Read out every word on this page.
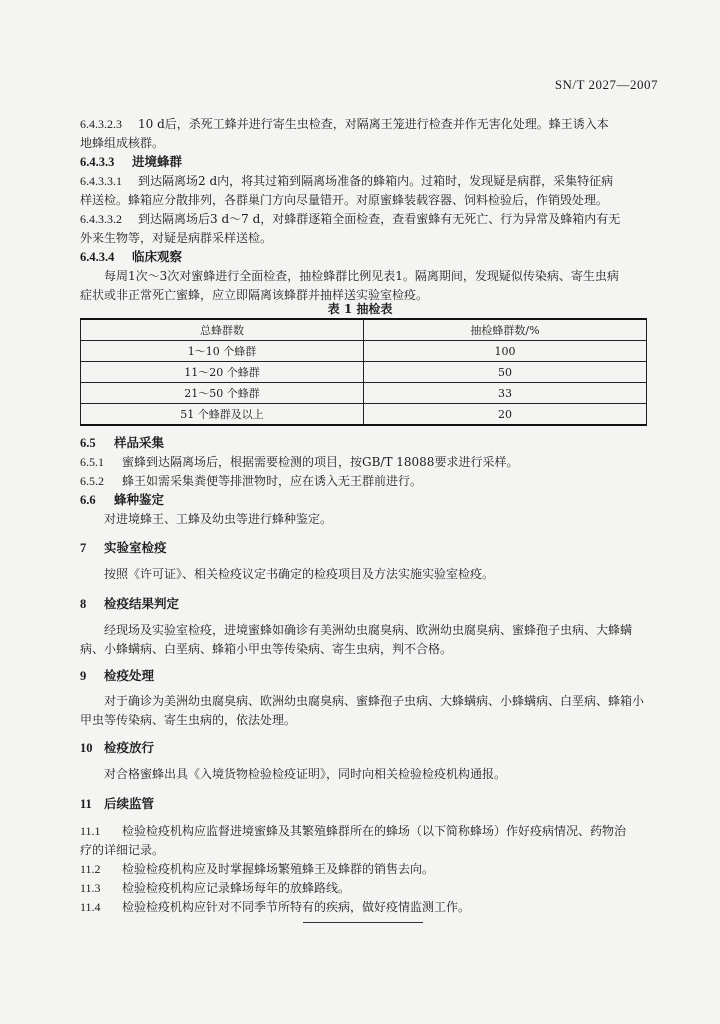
SN/T 2027—2007
6.4.3.2.3 10 d后，杀死工蜂并进行寄生虫检查，对隔离王笼进行检查并作无害化处理。蜂王诱入本
地蜂组成核群。
6.4.3.3 进境蜂群
6.4.3.3.1 到达隔离场2 d内，将其过箱到隔离场准备的蜂箱内。过箱时，发现疑是病群，采集特征病
样送检。蜂箱应分散排列，各群巢门方向尽量错开。对原蜜蜂装载容器、饲料检验后，作销毁处理。
6.4.3.3.2 到达隔离场后3 d～7 d，对蜂群逐箱全面检查，查看蜜蜂有无死亡、行为异常及蜂箱内有无
外来生物等，对疑是病群采样送检。
6.4.3.4 临床观察
每周1次～3次对蜜蜂进行全面检查，抽检蜂群比例见表1。隔离期间，发现疑似传染病、寄生虫病
症状或非正常死亡蜜蜂，应立即隔离该蜂群并抽样送实验室检疫。
表 1 抽检表
总蜂群数	抽检蜂群数/%
1～10 个蜂群	100
11～20 个蜂群	50
21～50 个蜂群	33
51 个蜂群及以上	20
6.5 样品采集
6.5.1 蜜蜂到达隔离场后，根据需要检测的项目，按GB/T 18088要求进行采样。
6.5.2 蜂王如需采集粪便等排泄物时，应在诱入无王群前进行。
6.6 蜂种鉴定
对进境蜂王、工蜂及幼虫等进行蜂种鉴定。
7 实验室检疫
按照《许可证》、相关检疫议定书确定的检疫项目及方法实施实验室检疫。
8 检疫结果判定
经现场及实验室检疫，进境蜜蜂如确诊有美洲幼虫腐臭病、欧洲幼虫腐臭病、蜜蜂孢子虫病、大蜂螨
病、小蜂螨病、白垩病、蜂箱小甲虫等传染病、寄生虫病，判不合格。
9 检疫处理
对于确诊为美洲幼虫腐臭病、欧洲幼虫腐臭病、蜜蜂孢子虫病、大蜂螨病、小蜂螨病、白垩病、蜂箱小
甲虫等传染病、寄生虫病的，依法处理。
10 检疫放行
对合格蜜蜂出具《入境货物检验检疫证明》，同时向相关检验检疫机构通报。
11 后续监管
11.1 检验检疫机构应监督进境蜜蜂及其繁殖蜂群所在的蜂场（以下简称蜂场）作好疫病情况、药物治
疗的详细记录。
11.2 检验检疫机构应及时掌握蜂场繁殖蜂王及蜂群的销售去向。
11.3 检验检疫机构应记录蜂场每年的放蜂路线。
11.4 检验检疫机构应针对不同季节所特有的疾病，做好疫情监测工作。
